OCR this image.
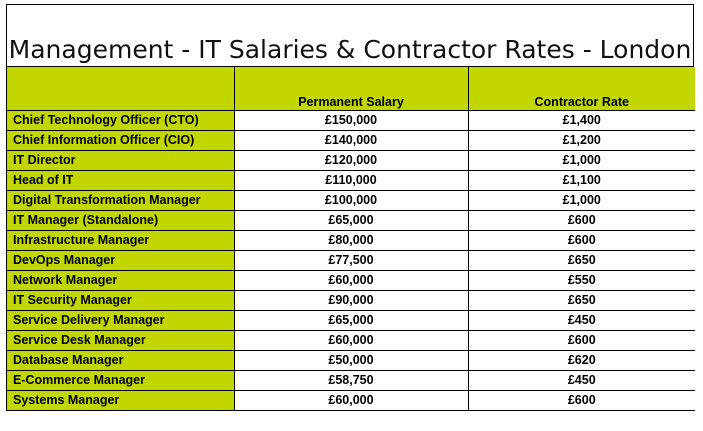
Management - IT Salaries & Contractor Rates - London
	Permanent Salary	Contractor Rate
Chief Technology Officer (CTO)	£150,000	£1,400
Chief Information Officer (CIO)	£140,000	£1,200
IT Director	£120,000	£1,000
Head of IT	£110,000	£1,100
Digital Transformation Manager	£100,000	£1,000
IT Manager (Standalone)	£65,000	£600
Infrastructure Manager	£80,000	£600
DevOps Manager	£77,500	£650
Network Manager	£60,000	£550
IT Security Manager	£90,000	£650
Service Delivery Manager	£65,000	£450
Service Desk Manager	£60,000	£600
Database Manager	£50,000	£620
E-Commerce Manager	£58,750	£450
Systems Manager	£60,000	£600
